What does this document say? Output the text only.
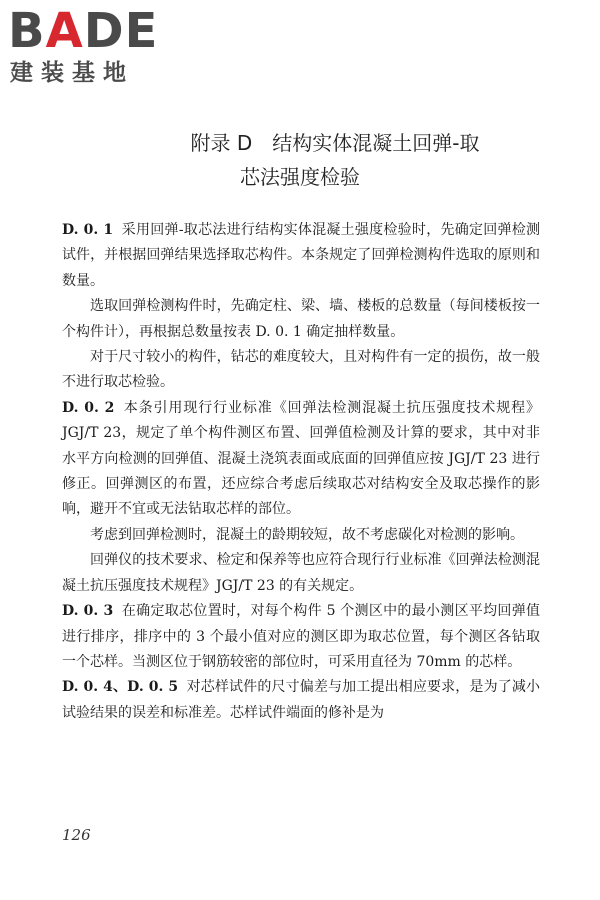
BADE
建装基地
附录 D　结构实体混凝土回弹-取
芯法强度检验

D. 0. 1 采用回弹-取芯法进行结构实体混凝土强度检验时，先确定回弹检测试件，并根据回弹结果选择取芯构件。本条规定了回弹检测构件选取的原则和数量。

选取回弹检测构件时，先确定柱、梁、墙、楼板的总数量（每间楼板按一个构件计），再根据总数量按表 D. 0. 1 确定抽样数量。

对于尺寸较小的构件，钻芯的难度较大，且对构件有一定的损伤，故一般不进行取芯检验。

D. 0. 2 本条引用现行行业标准《回弹法检测混凝土抗压强度技术规程》JGJ/T 23，规定了单个构件测区布置、回弹值检测及计算的要求，其中对非水平方向检测的回弹值、混凝土浇筑表面或底面的回弹值应按 JGJ/T 23 进行修正。回弹测区的布置，还应综合考虑后续取芯对结构安全及取芯操作的影响，避开不宜或无法钻取芯样的部位。

考虑到回弹检测时，混凝土的龄期较短，故不考虑碳化对检测的影响。

回弹仪的技术要求、检定和保养等也应符合现行行业标准《回弹法检测混凝土抗压强度技术规程》JGJ/T 23 的有关规定。

D. 0. 3 在确定取芯位置时，对每个构件 5 个测区中的最小测区平均回弹值进行排序，排序中的 3 个最小值对应的测区即为取芯位置，每个测区各钻取一个芯样。当测区位于钢筋较密的部位时，可采用直径为 70mm 的芯样。

D. 0. 4、D. 0. 5 对芯样试件的尺寸偏差与加工提出相应要求，是为了减小试验结果的误差和标准差。芯样试件端面的修补是为

126
